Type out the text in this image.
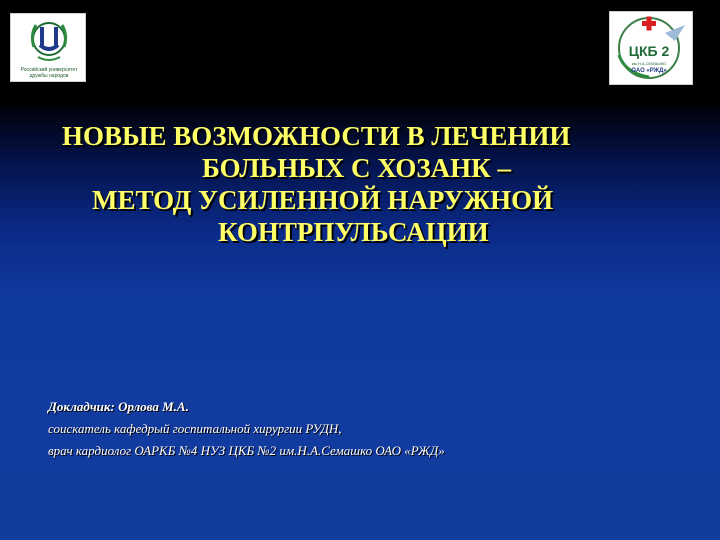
Российский университет дружбы народов
ЦКБ 2
им.Н.А.СЕМАШКО
ОАО «РЖД»
НОВЫЕ ВОЗМОЖНОСТИ В ЛЕЧЕНИИ
БОЛЬНЫХ С ХОЗАНК –
МЕТОД УСИЛЕННОЙ НАРУЖНОЙ
КОНТРПУЛЬСАЦИИ
Докладчик: Орлова М.А.
соискатель кафедрый госпитальной хирургии РУДН,
врач кардиолог ОАРКБ №4 НУЗ ЦКБ №2 им.Н.А.Семашко ОАО «РЖД»
